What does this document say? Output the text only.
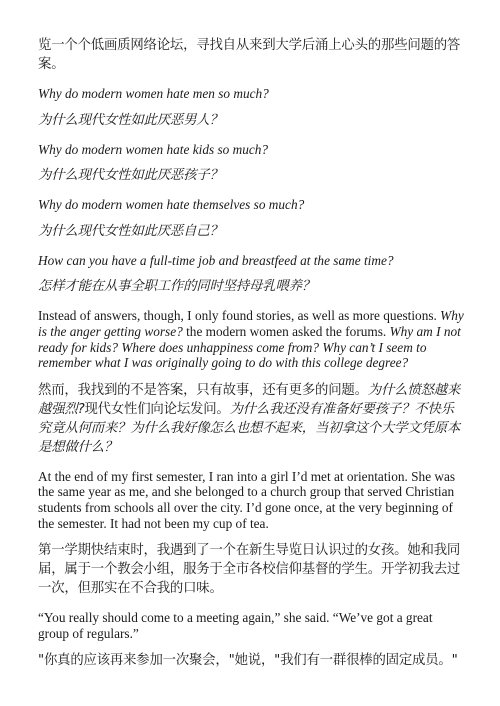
览一个个低画质网络论坛，寻找自从来到大学后涌上心头的那些问题的答案。

Why do modern women hate men so much?

为什么现代女性如此厌恶男人？

Why do modern women hate kids so much?

为什么现代女性如此厌恶孩子？

Why do modern women hate themselves so much?

为什么现代女性如此厌恶自己？

How can you have a full-time job and breastfeed at the same time?

怎样才能在从事全职工作的同时坚持母乳喂养？

Instead of answers, though, I only found stories, as well as more questions. Why is the anger getting worse? the modern women asked the forums. Why am I not ready for kids? Where does unhappiness come from? Why can’t I seem to remember what I was originally going to do with this college degree?

然而，我找到的不是答案，只有故事，还有更多的问题。为什么愤怒越来越强烈?现代女性们向论坛发问。为什么我还没有准备好要孩子？不快乐究竟从何而来？为什么我好像怎么也想不起来，当初拿这个大学文凭原本是想做什么？

At the end of my first semester, I ran into a girl I’d met at orientation. She was the same year as me, and she belonged to a church group that served Christian students from schools all over the city. I’d gone once, at the very beginning of the semester. It had not been my cup of tea.

第一学期快结束时，我遇到了一个在新生导览日认识过的女孩。她和我同届，属于一个教会小组，服务于全市各校信仰基督的学生。开学初我去过一次，但那实在不合我的口味。

“You really should come to a meeting again,” she said. “We’ve got a great group of regulars.”

"你真的应该再来参加一次聚会，"她说，"我们有一群很棒的固定成员。"
